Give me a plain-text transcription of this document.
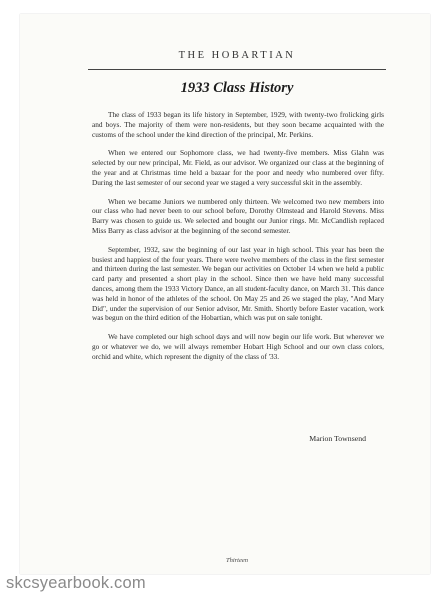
THE HOBARTIAN
1933 Class History

The class of 1933 began its life history in September, 1929, with twenty-two frolicking girls and boys. The majority of them were non-residents, but they soon became acquainted with the customs of the school under the kind direction of the principal, Mr. Perkins.

When we entered our Sophomore class, we had twenty-five members. Miss Glahn was selected by our new principal, Mr. Field, as our advisor. We organized our class at the beginning of the year and at Christmas time held a bazaar for the poor and needy who numbered over fifty. During the last semester of our second year we staged a very successful skit in the assembly.

When we became Juniors we numbered only thirteen. We welcomed two new members into our class who had never been to our school before, Dorothy Olmstead and Harold Stevens. Miss Barry was chosen to guide us. We selected and bought our Junior rings. Mr. McCandlish replaced Miss Barry as class advisor at the beginning of the second semester.

September, 1932, saw the beginning of our last year in high school. This year has been the busiest and happiest of the four years. There were twelve members of the class in the first semester and thirteen during the last semester. We began our activities on October 14 when we held a public card party and presented a short play in the school. Since then we have held many successful dances, among them the 1933 Victory Dance, an all student-faculty dance, on March 31. This dance was held in honor of the athletes of the school. On May 25 and 26 we staged the play, "And Mary Did", under the supervision of our Senior advisor, Mr. Smith. Shortly before Easter vacation, work was begun on the third edition of the Hobartian, which was put on sale tonight.

We have completed our high school days and will now begin our life work. But wherever we go or whatever we do, we will always remember Hobart High School and our own class colors, orchid and white, which represent the dignity of the class of '33.

Marion Townsend
Thirteen
skcsyearbook.com
